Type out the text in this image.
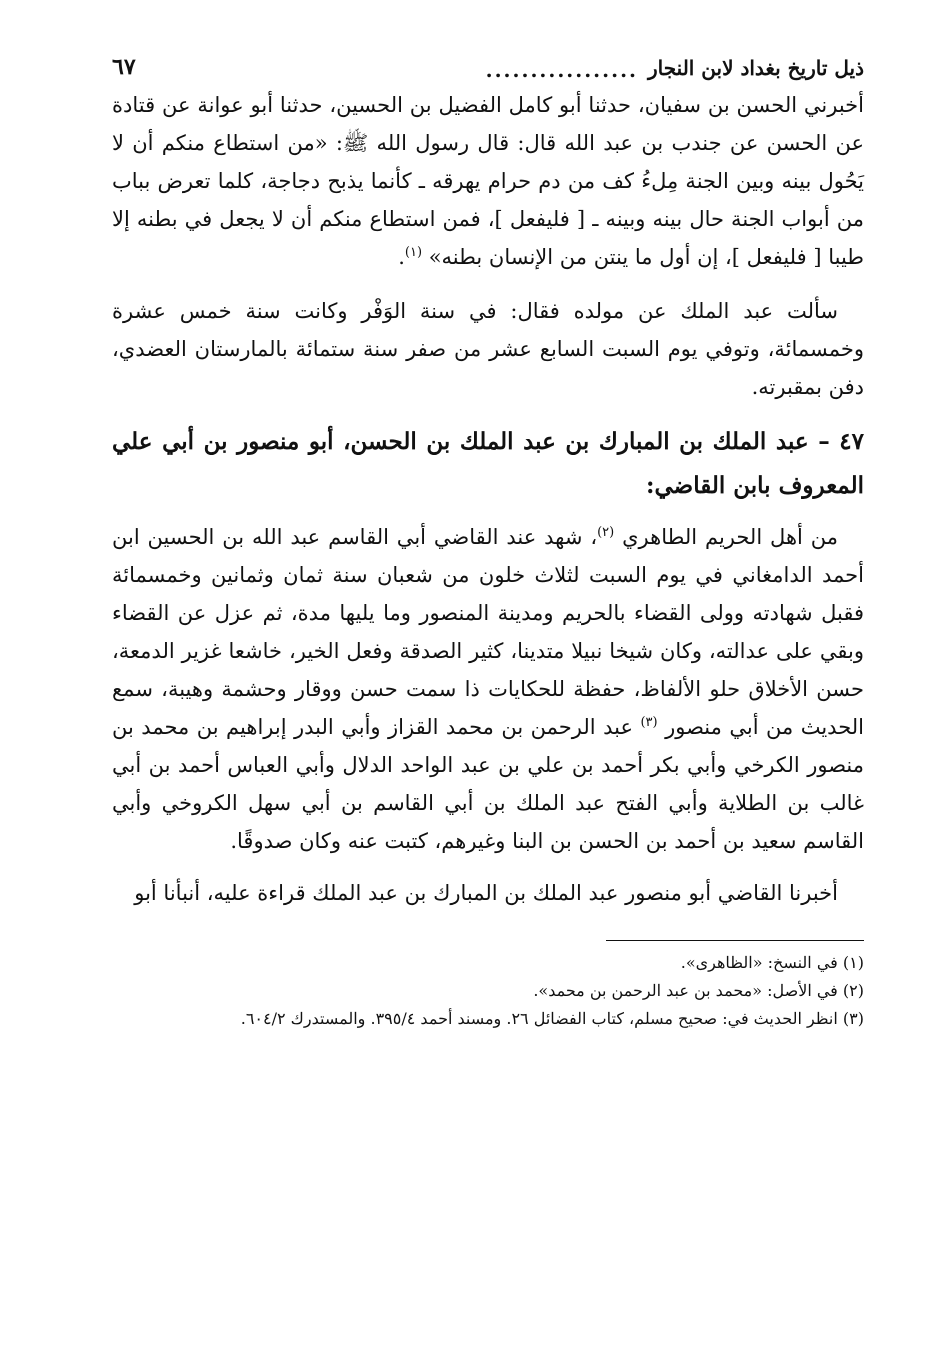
ذيل تاريخ بغداد لابن النجار
.................
٦٧

أخبرني الحسن بن سفيان، حدثنا أبو كامل الفضيل بن الحسين، حدثنا أبو عوانة عن قتادة عن الحسن عن جندب بن عبد الله قال: قال رسول الله ﷺ: «من استطاع منكم أن لا يَحُول بينه وبين الجنة مِلءُ كف من دم حرام يهرقه ـ كأنما يذبح دجاجة، كلما تعرض بباب من أبواب الجنة حال بينه وبينه ـ [ فليفعل ]، فمن استطاع منكم أن لا يجعل في بطنه إلا طيبا [ فليفعل ]، إن أول ما ينتن من الإنسان بطنه» $^{(١)}$.

سألت عبد الملك عن مولده فقال: في سنة الوَفْر وكانت سنة خمس عشرة وخمسمائة، وتوفي يوم السبت السابع عشر من صفر سنة ستمائة بالمارستان العضدي، دفن بمقبرته.

٤٧ – عبد الملك بن المبارك بن عبد الملك بن الحسن، أبو منصور بن أبي علي المعروف بابن القاضي:

من أهل الحريم الطاهري $^{(٢)}$، شهد عند القاضي أبي القاسم عبد الله بن الحسين ابن أحمد الدامغاني في يوم السبت لثلاث خلون من شعبان سنة ثمان وثمانين وخمسمائة فقبل شهادته وولى القضاء بالحريم ومدينة المنصور وما يليها مدة، ثم عزل عن القضاء وبقي على عدالته، وكان شيخا نبيلا متدينا، كثير الصدقة وفعل الخير، خاشعا غزير الدمعة، حسن الأخلاق حلو الألفاظ، حفظة للحكايات ذا سمت حسن ووقار وحشمة وهيبة، سمع الحديث من أبي منصور $^{(٣)}$ عبد الرحمن بن محمد القزاز وأبي البدر إبراهيم بن محمد بن منصور الكرخي وأبي بكر أحمد بن علي بن عبد الواحد الدلال وأبي العباس أحمد بن أبي غالب بن الطلاية وأبي الفتح عبد الملك بن أبي القاسم بن أبي سهل الكروخي وأبي القاسم سعيد بن أحمد بن الحسن بن البنا وغيرهم، كتبت عنه وكان صدوقًا.

أخبرنا القاضي أبو منصور عبد الملك بن المبارك بن عبد الملك قراءة عليه، أنبأنا أبو

(١) في النسخ: «الظاهرى».

(٢) في الأصل: «محمد بن عبد الرحمن بن محمد».

(٣) انظر الحديث في: صحيح مسلم، كتاب الفضائل ٢٦. ومسند أحمد ٣٩٥/٤. والمستدرك ٦٠٤/٢.
